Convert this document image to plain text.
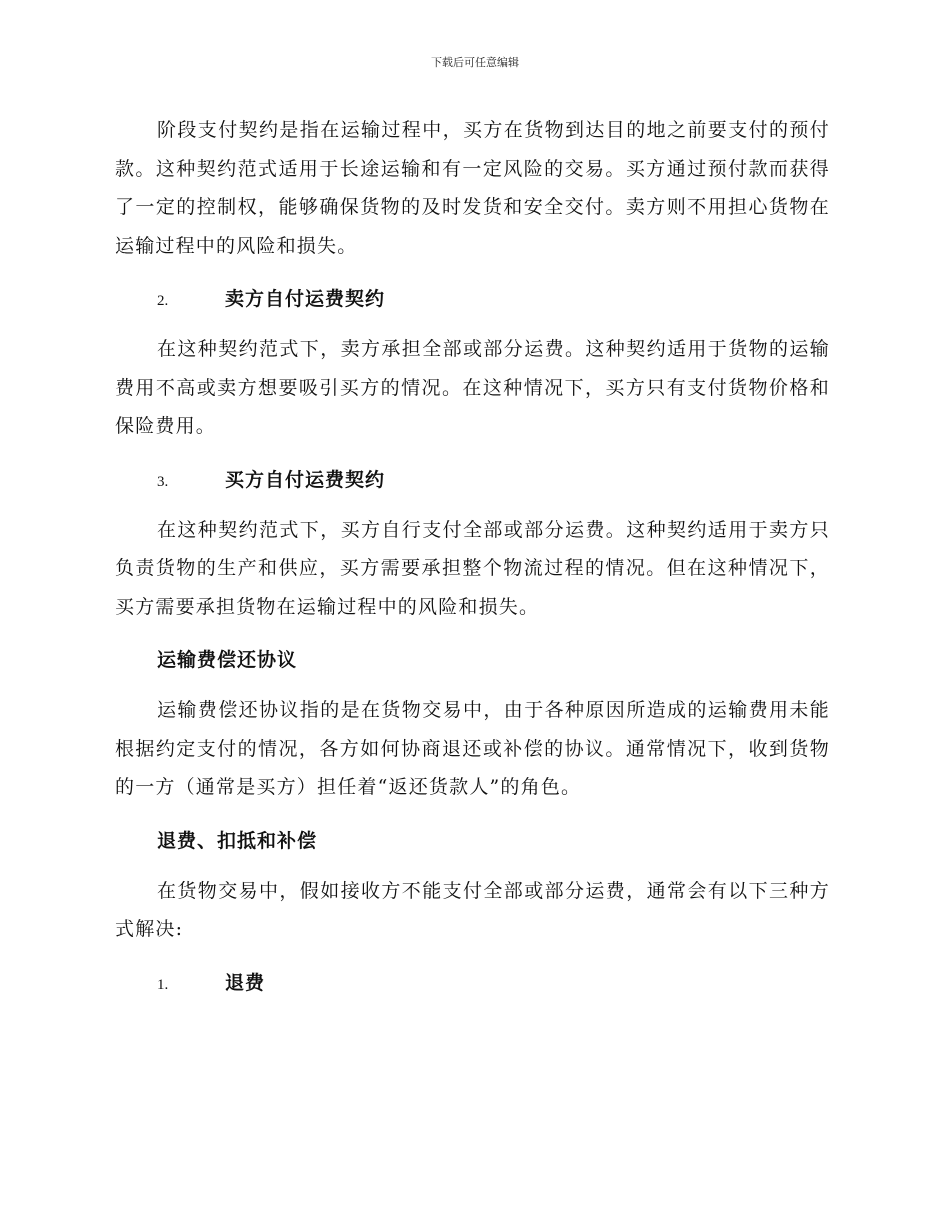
下载后可任意编辑

阶段支付契约是指在运输过程中，买方在货物到达目的地之前要支付的预付款。这种契约范式适用于长途运输和有一定风险的交易。买方通过预付款而获得了一定的控制权，能够确保货物的及时发货和安全交付。卖方则不用担心货物在运输过程中的风险和损失。

2.	卖方自付运费契约

在这种契约范式下，卖方承担全部或部分运费。这种契约适用于货物的运输费用不高或卖方想要吸引买方的情况。在这种情况下，买方只有支付货物价格和保险费用。

3.	买方自付运费契约

在这种契约范式下，买方自行支付全部或部分运费。这种契约适用于卖方只负责货物的生产和供应，买方需要承担整个物流过程的情况。但在这种情况下，买方需要承担货物在运输过程中的风险和损失。

运输费偿还协议

运输费偿还协议指的是在货物交易中，由于各种原因所造成的运输费用未能根据约定支付的情况，各方如何协商退还或补偿的协议。通常情况下，收到货物的一方（通常是买方）担任着“返还货款人”的角色。

退费、扣抵和补偿

在货物交易中，假如接收方不能支付全部或部分运费，通常会有以下三种方式解决:

1.	退费
